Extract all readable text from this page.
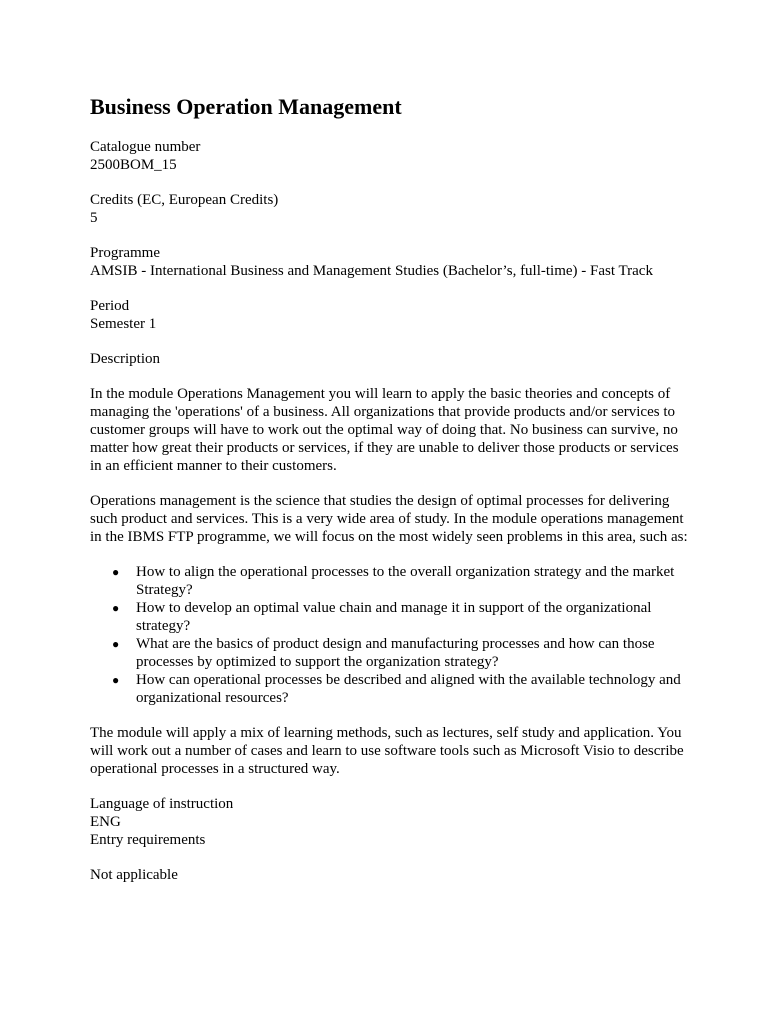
Business Operation Management
Catalogue number
2500BOM_15
Credits (EC, European Credits)
5
Programme
AMSIB - International Business and Management Studies (Bachelor’s, full-time) - Fast Track
Period
Semester 1
Description

In the module Operations Management you will learn to apply the basic theories and concepts of managing the 'operations' of a business. All organizations that provide products and/or services to customer groups will have to work out the optimal way of doing that. No business can survive, no matter how great their products or services, if they are unable to deliver those products or services in an efficient manner to their customers.

Operations management is the science that studies the design of optimal processes for delivering such product and services. This is a very wide area of study. In the module operations management in the IBMS FTP programme, we will focus on the most widely seen problems in this area, such as:

● How to align the operational processes to the overall organization strategy and the market Strategy?
● How to develop an optimal value chain and manage it in support of the organizational strategy?
● What are the basics of product design and manufacturing processes and how can those processes by optimized to support the organization strategy?
● How can operational processes be described and aligned with the available technology and organizational resources?

The module will apply a mix of learning methods, such as lectures, self study and application. You will work out a number of cases and learn to use software tools such as Microsoft Visio to describe operational processes in a structured way.

Language of instruction
ENG
Entry requirements
Not applicable
